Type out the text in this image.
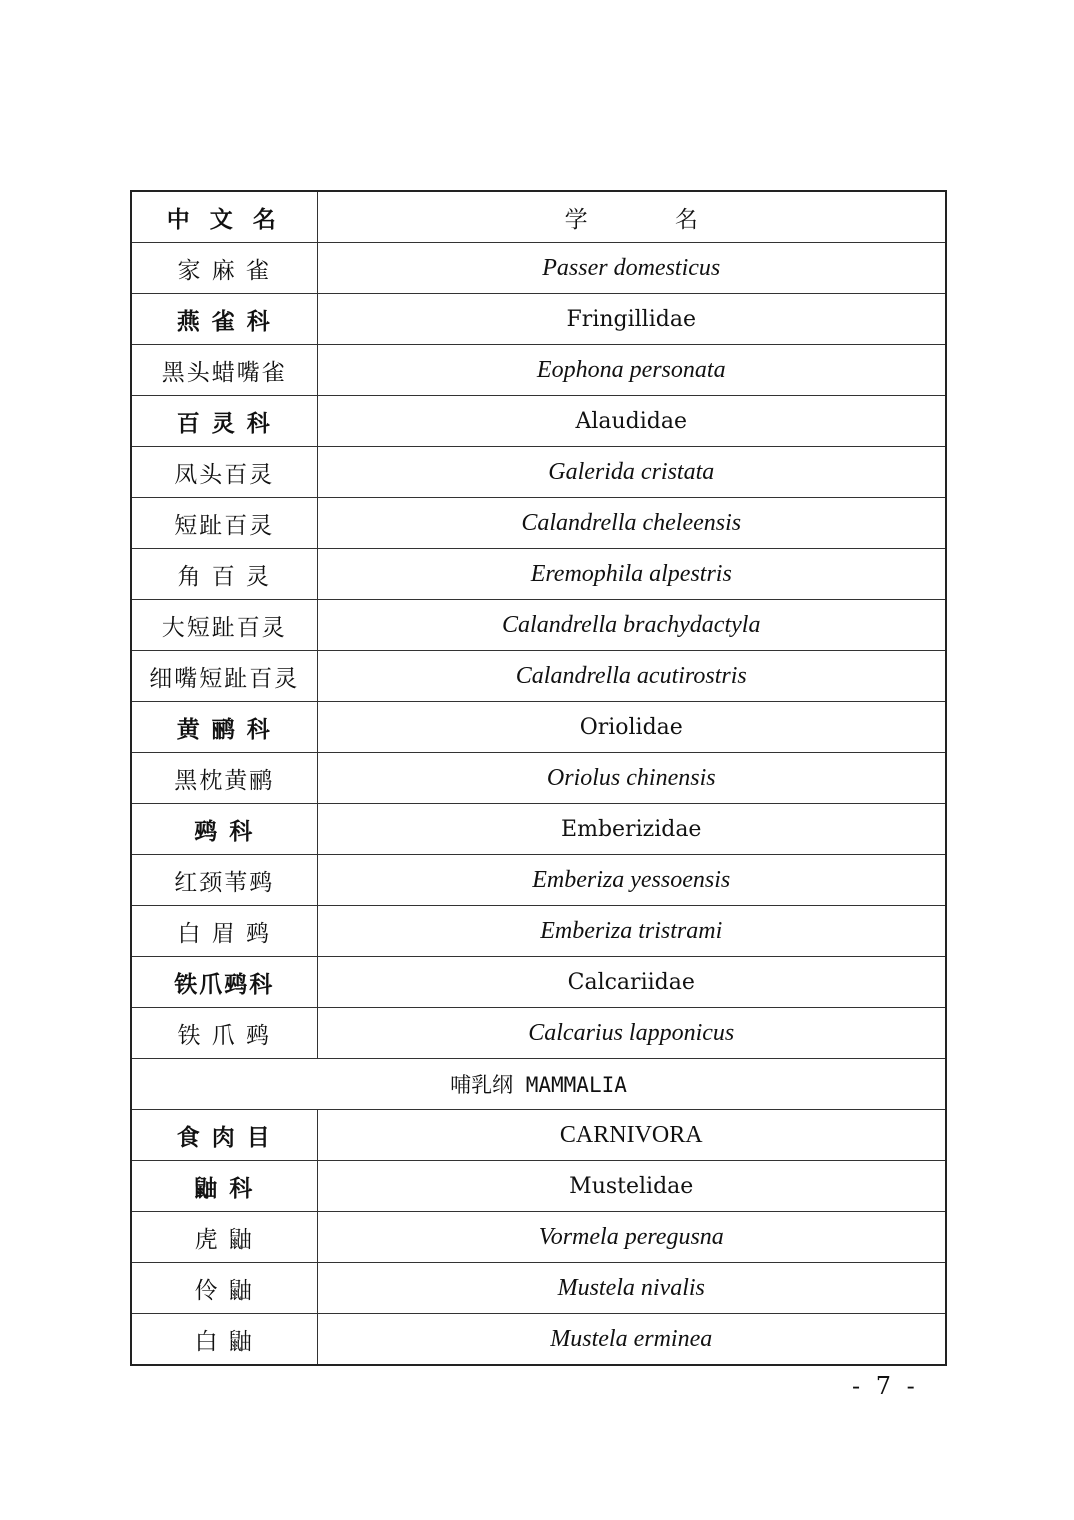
中 文 名	学 名
家 麻 雀	Passer domesticus
燕 雀 科	Fringillidae
黑头蜡嘴雀	Eophona personata
百 灵 科	Alaudidae
凤头百灵	Galerida cristata
短趾百灵	Calandrella cheleensis
角 百 灵	Eremophila alpestris
大短趾百灵	Calandrella brachydactyla
细嘴短趾百灵	Calandrella acutirostris
黄 鹂 科	Oriolidae
黑枕黄鹂	Oriolus chinensis
鹀 科	Emberizidae
红颈苇鹀	Emberiza yessoensis
白 眉 鹀	Emberiza tristrami
铁爪鹀科	Calcariidae
铁 爪 鹀	Calcarius lapponicus
哺乳纲 MAMMALIA	
食 肉 目	CARNIVORA
鼬 科	Mustelidae
虎 鼬	Vormela peregusna
伶 鼬	Mustela nivalis
白 鼬	Mustela erminea
- 7 -
